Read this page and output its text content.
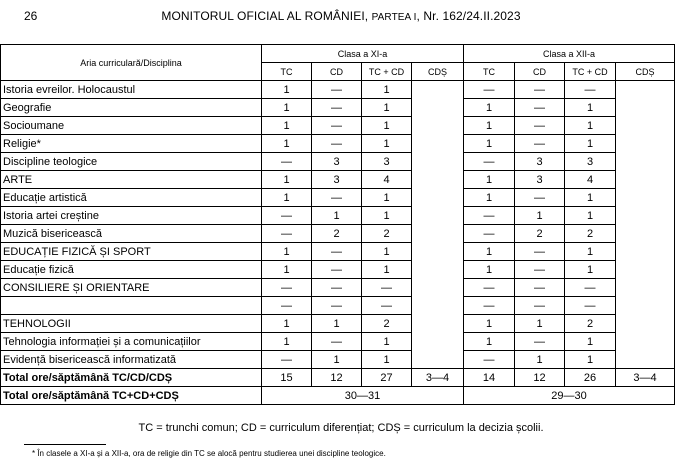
26	MONITORUL OFICIAL AL ROMÂNIEI, PARTEA I, Nr. 162/24.II.2023
Aria curriculară/Disciplina	Clasa a XI-a				Clasa a XII-a			
	TC	CD	TC + CD	CDȘ	TC	CD	TC + CD	CDȘ
Istoria evreilor. Holocaustul	1	—	1		—	—	—	
Geografie	1	—	1		1	—	1	
Socioumane	1	—	1		1	—	1	
Religie*	1	—	1		1	—	1	
Discipline teologice	—	3	3		—	3	3	
ARTE	1	3	4		1	3	4	
Educație artistică	1	—	1		1	—	1	
Istoria artei creștine	—	1	1		—	1	1	
Muzică bisericească	—	2	2		—	2	2	
EDUCAȚIE FIZICĂ ȘI SPORT	1	—	1		1	—	1	
Educație fizică	1	—	1		1	—	1	
CONSILIERE ȘI ORIENTARE	—	—	—		—	—	—	
	—	—	—		—	—	—	
TEHNOLOGII	1	1	2		1	1	2	
Tehnologia informației și a comunicațiilor	1	—	1		1	—	1	
Evidență bisericească informatizată	—	1	1		—	1	1	
Total ore/săptămână TC/CD/CDȘ	15	12	27	3—4	14	12	26	3—4
Total ore/săptămână TC+CD+CDȘ	30—31				29—30			
TC = trunchi comun; CD = curriculum diferențiat; CDȘ = curriculum la decizia școlii.
* În clasele a XI-a și a XII-a, ora de religie din TC se alocă pentru studierea unei discipline teologice.
